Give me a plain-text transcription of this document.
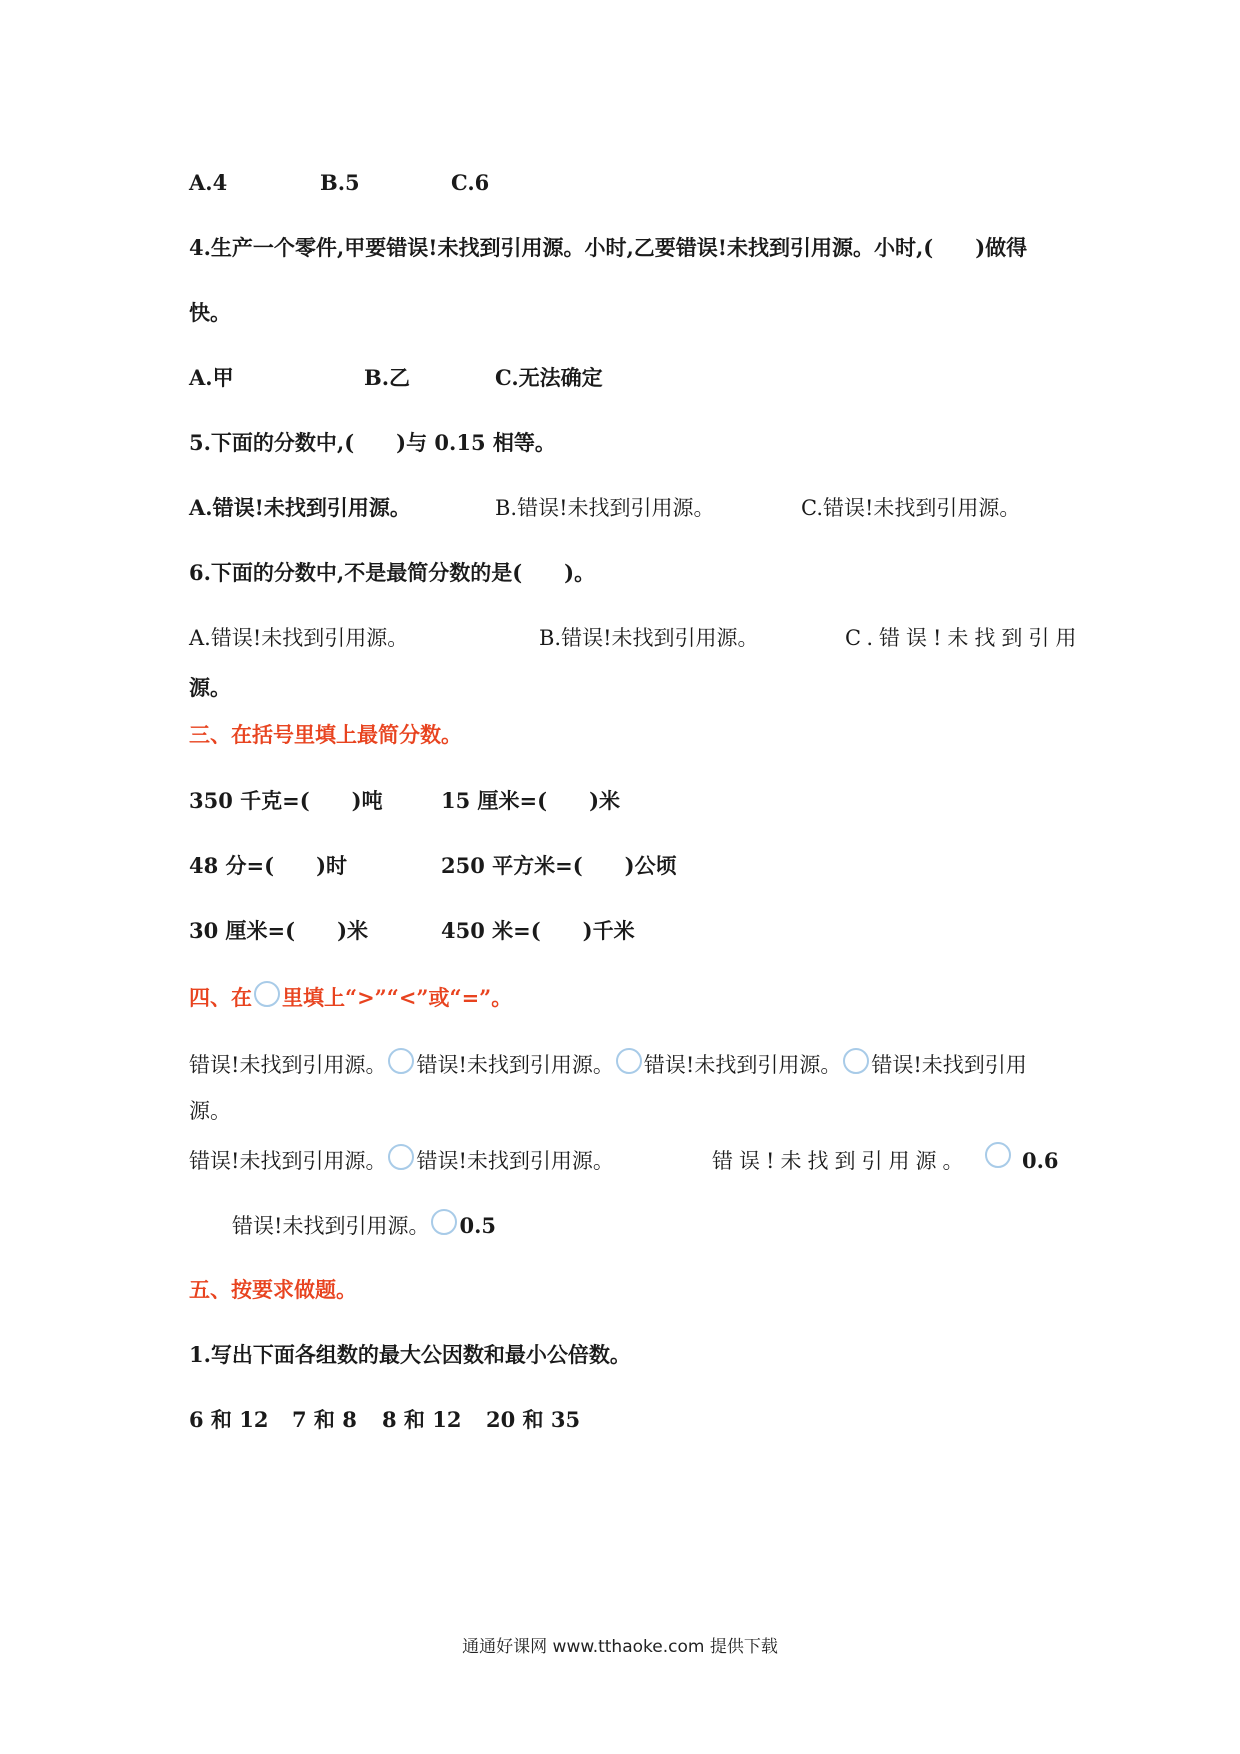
A.4	B.5	C.6
4.生产一个零件,甲要错误!未找到引用源。小时,乙要错误!未找到引用源。小时,(　　)做得
快。
A.甲	B.乙	C.无法确定
5.下面的分数中,(　　)与 0.15 相等。
A.错误!未找到引用源。	B.错误!未找到引用源。	C.错误!未找到引用源。
6.下面的分数中,不是最简分数的是(　　)。
A.错误!未找到引用源。	B.错误!未找到引用源。	C.错误!未找到引用
源。
三、在括号里填上最简分数。
350 千克=(　　)吨	15 厘米=(　　)米
48 分=(　　)时	250 平方米=(　　)公顷
30 厘米=(　　)米	450 米=(　　)千米
四、在 里填上“>”“<”或“=”。
错误!未找到引用源。 错误!未找到引用源。 错误!未找到引用源。 错误!未找到引用
源。
错误!未找到引用源。 错误!未找到引用源。	错误!未找到引用源。	0.6
错误!未找到引用源。 0.5
五、按要求做题。
1.写出下面各组数的最大公因数和最小公倍数。
6 和 12 7 和 8 8 和 12 20 和 35
通通好课网 www.tthaoke.com 提供下载
